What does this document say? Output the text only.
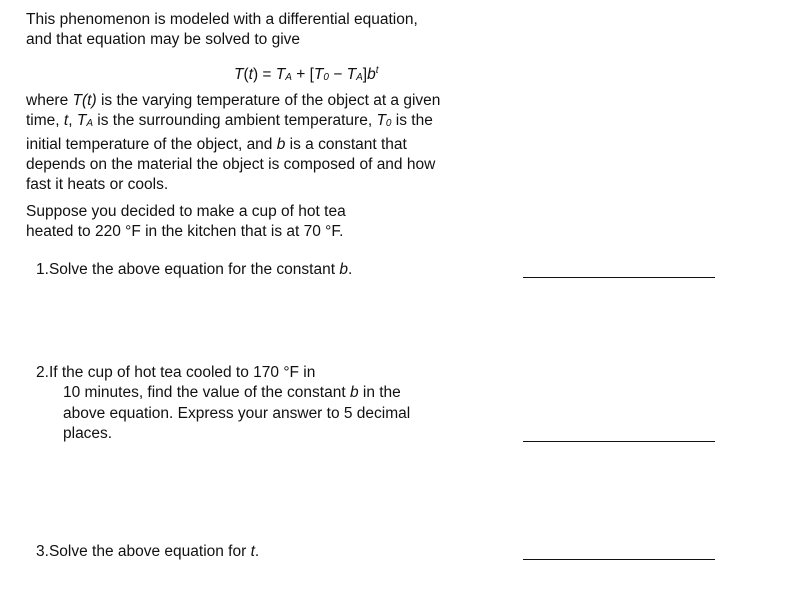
This phenomenon is modeled with a differential equation,
and that equation may be solved to give

T(t) = TA + $[T0 - TA]b^t$

where T(t) is the varying temperature of the object at a given time, t, TA is the surrounding ambient temperature, T0 is the initial temperature of the object, and b is a constant that depends on the material the object is composed of and how fast it heats or cools.

Suppose you decided to make a cup of hot tea
heated to 220 °F in the kitchen that is at 70 °F.

1.Solve the above equation for the constant b.
2.If the cup of hot tea cooled to 170 °F in
10 minutes, find the value of the constant b in the above equation. Express your answer to 5 decimal places.
3.Solve the above equation for t.
